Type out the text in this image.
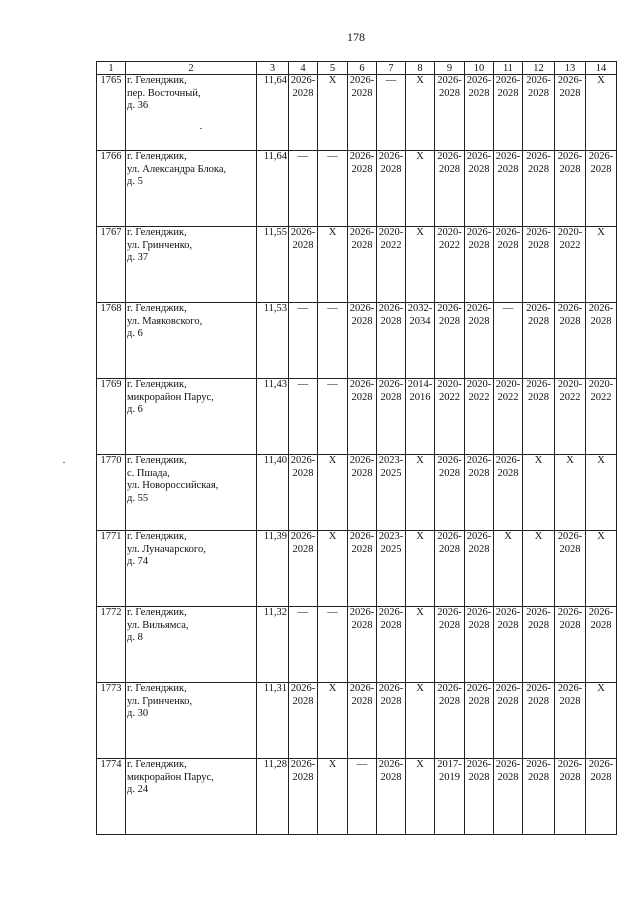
178
1	2	3	4	5	6	7	8	9	10	11	12	13	14
1765	г. Геленджик,
пер. Восточный,
д. 36	11,64	2026-
2028	X	2026-
2028	—	X	2026-
2028	2026-
2028	2026-
2028	2026-
2028	2026-
2028	X

1766	г. Геленджик,
ул. Александра Блока,
д. 5	11,64	—	—	2026-
2028	2026-
2028	X	2026-
2028	2026-
2028	2026-
2028	2026-
2028	2026-
2028	2026-
2028

1767	г. Геленджик,
ул. Гринченко,
д. 37	11,55	2026-
2028	X	2026-
2028	2020-
2022	X	2020-
2022	2026-
2028	2026-
2028	2026-
2028	2020-
2022	X

1768	г. Геленджик,
ул. Маяковского,
д. 6	11,53	—	—	2026-
2028	2026-
2028	2032-
2034	2026-
2028	2026-
2028	—	2026-
2028	2026-
2028	2026-
2028

1769	г. Геленджик,
микрорайон Парус,
д. 6	11,43	—	—	2026-
2028	2026-
2028	2014-
2016	2020-
2022	2020-
2022	2020-
2022	2026-
2028	2020-
2022	2020-
2022

1770	г. Геленджик,
с. Пшада,
ул. Новороссийская,
д. 55	11,40	2026-
2028	X	2026-
2028	2023-
2025	X	2026-
2028	2026-
2028	2026-
2028	X	X	X

1771	г. Геленджик,
ул. Луначарского,
д. 74	11,39	2026-
2028	X	2026-
2028	2023-
2025	X	2026-
2028	2026-
2028	X	X	2026-
2028	X

1772	г. Геленджик,
ул. Вильямса,
д. 8	11,32	—	—	2026-
2028	2026-
2028	X	2026-
2028	2026-
2028	2026-
2028	2026-
2028	2026-
2028	2026-
2028

1773	г. Геленджик,
ул. Гринченко,
д. 30	11,31	2026-
2028	X	2026-
2028	2026-
2028	X	2026-
2028	2026-
2028	2026-
2028	2026-
2028	2026-
2028	X

1774	г. Геленджик,
микрорайон Парус,
д. 24	11,28	2026-
2028	X	—	2026-
2028	X	2017-
2019	2026-
2028	2026-
2028	2026-
2028	2026-
2028	2026-
2028
